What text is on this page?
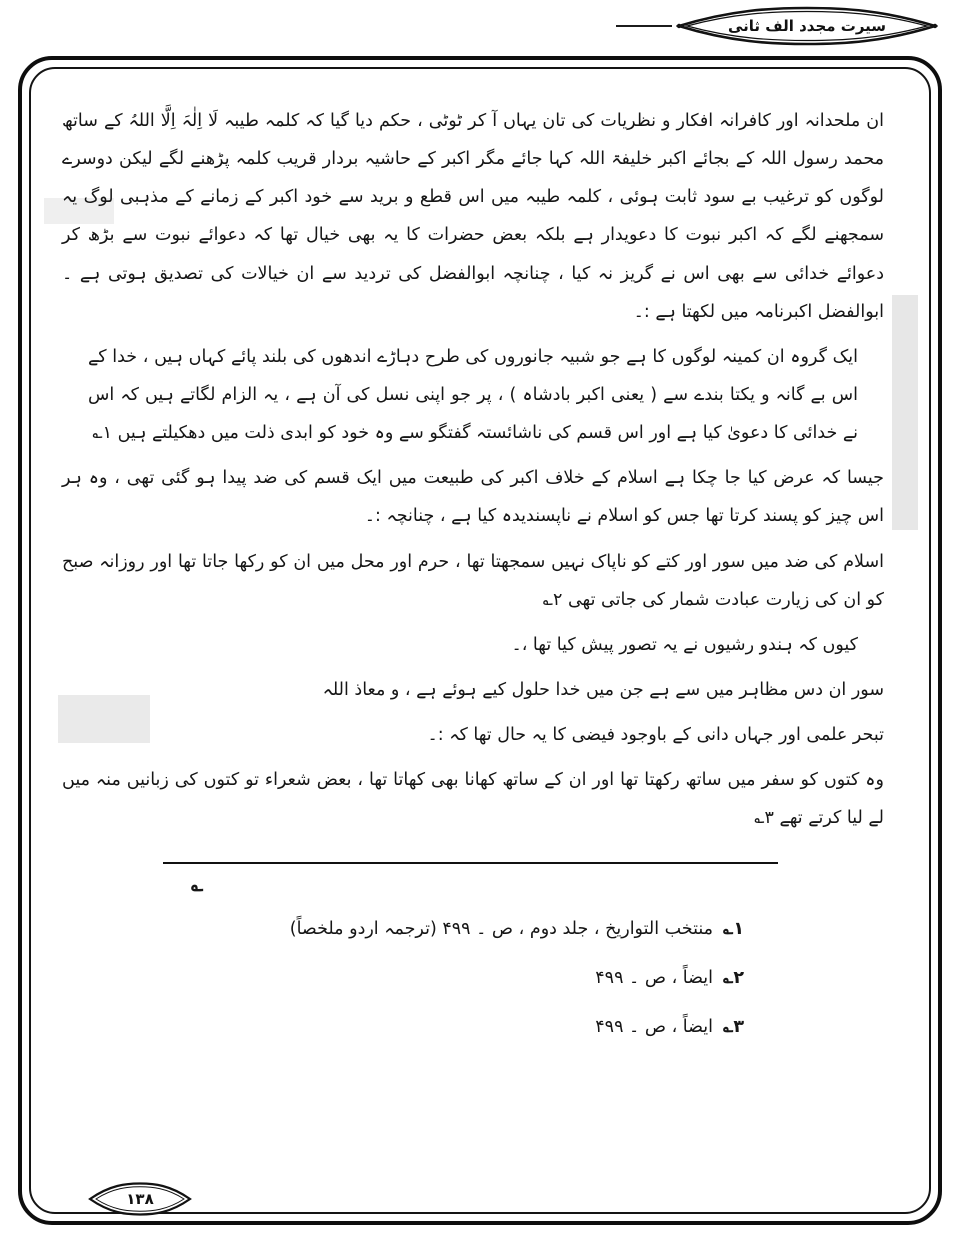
سیرت مجدد الف ثانی

ان ملحدانہ اور کافرانہ افکار و نظریات کی تان یہاں آ کر ٹوٹی ، حکم دیا گیا کہ کلمہ طیبہ لَا اِلٰہَ اِلَّا اللہُ کے ساتھ محمد رسول اللہ کے بجائے اکبر خلیفۃ اللہ کہا جائے مگر اکبر کے حاشیہ بردار قریب کلمہ پڑھنے لگے لیکن دوسرے لوگوں کو ترغیب بے سود ثابت ہوئی ، کلمہ طیبہ میں اس قطع و برید سے خود اکبر کے زمانے کے مذہبی لوگ یہ سمجھنے لگے کہ اکبر نبوت کا دعویدار ہے بلکہ بعض حضرات کا یہ بھی خیال تھا کہ دعوائے نبوت سے بڑھ کر دعوائے خدائی سے بھی اس نے گریز نہ کیا ، چنانچہ ابوالفضل کی تردید سے ان خیالات کی تصدیق ہوتی ہے ۔ ابوالفضل اکبرنامہ میں لکھتا ہے :۔

ایک گروہ ان کمینہ لوگوں کا ہے جو شبیہ جانوروں کی طرح دہاڑے اندھوں کی بلند پائے کہاں ہیں ، خدا کے اس بے گانہ و یکتا بندے سے ( یعنی اکبر بادشاہ ) ، پر جو اپنی نسل کی آن ہے ، یہ الزام لگاتے ہیں کہ اس نے خدائی کا دعویٰ کیا ہے اور اس قسم کی ناشائستہ گفتگو سے وہ خود کو ابدی ذلت میں دھکیلتے ہیں ۱؎

جیسا کہ عرض کیا جا چکا ہے اسلام کے خلاف اکبر کی طبیعت میں ایک قسم کی ضد پیدا ہو گئی تھی ، وہ ہر اس چیز کو پسند کرتا تھا جس کو اسلام نے ناپسندیدہ کیا ہے ، چنانچہ :۔

اسلام کی ضد میں سور اور کتے کو ناپاک نہیں سمجھتا تھا ، حرم اور محل میں ان کو رکھا جاتا تھا اور روزانہ صبح کو ان کی زیارت عبادت شمار کی جاتی تھی ۲؎

کیوں کہ ہندو رشیوں نے یہ تصور پیش کیا تھا ،۔

سور ان دس مظاہر میں سے ہے جن میں خدا حلول کیے ہوئے ہے ، و معاذ اللہ

تبحر علمی اور جہاں دانی کے باوجود فیضی کا یہ حال تھا کہ :۔

وہ کتوں کو سفر میں ساتھ رکھتا تھا اور ان کے ساتھ کھانا بھی کھاتا تھا ، بعض شعراء تو کتوں کی زبانیں منہ میں لے لیا کرتے تھے ۳؎

؎
۱؎منتخب التواریخ ، جلد دوم ، ص ۔ ۴۹۹ (ترجمہ اردو ملخصاً)
۲؎ایضاً ، ص ۔ ۴۹۹
۳؎ایضاً ، ص ۔ ۴۹۹
۱۳۸
